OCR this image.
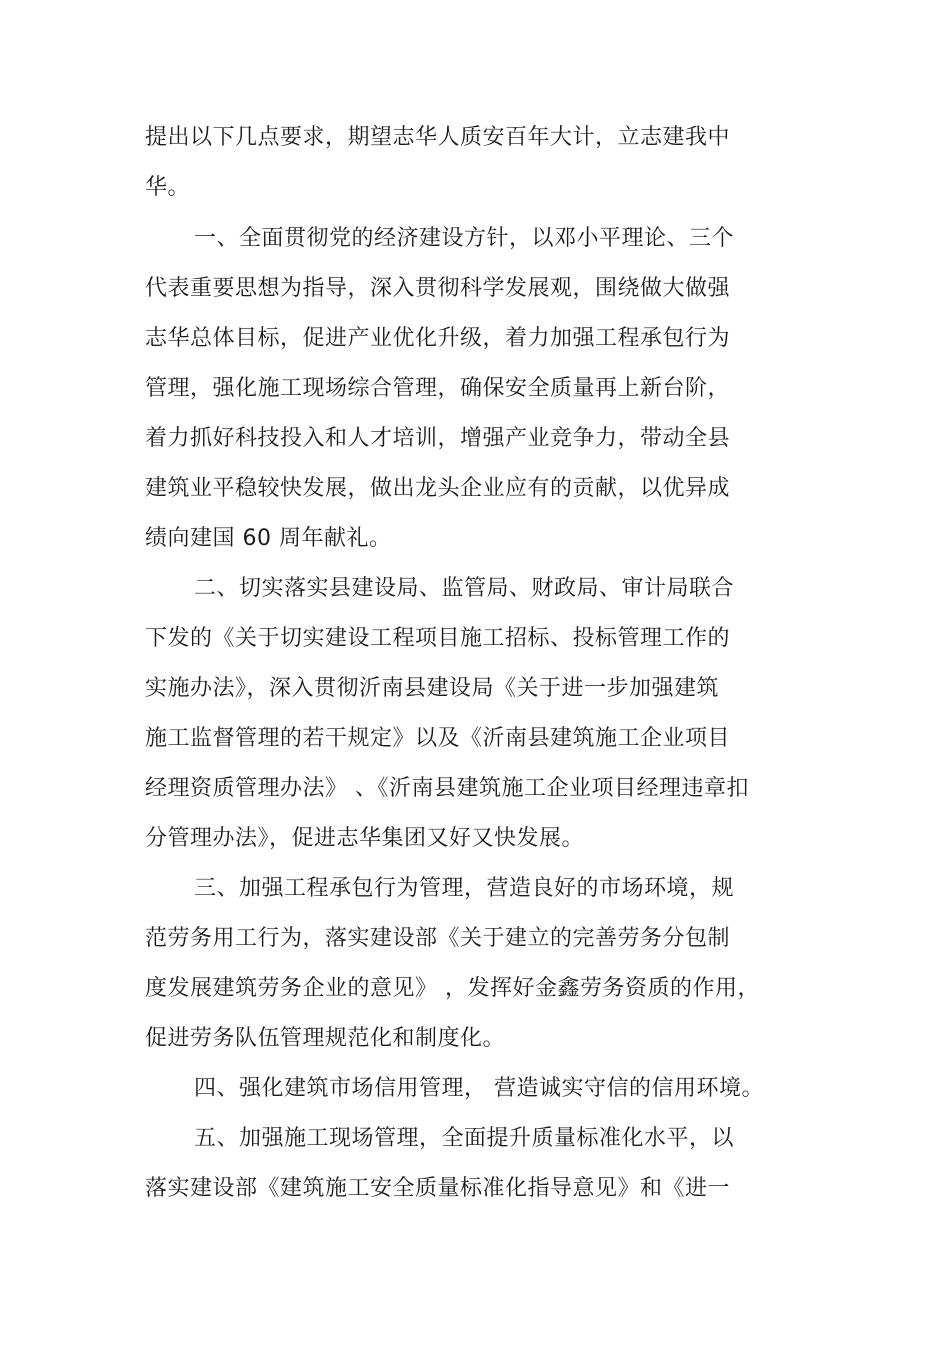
提出以下几点要求，期望志华人质安百年大计，立志建我中
华。
一、全面贯彻党的经济建设方针，以邓小平理论、三个
代表重要思想为指导，深入贯彻科学发展观，围绕做大做强
志华总体目标，促进产业优化升级，着力加强工程承包行为
管理，强化施工现场综合管理，确保安全质量再上新台阶，
着力抓好科技投入和人才培训，增强产业竞争力，带动全县
建筑业平稳较快发展，做出龙头企业应有的贡献，以优异成
绩向建国 60 周年献礼。
二、切实落实县建设局、监管局、财政局、审计局联合
下发的《关于切实建设工程项目施工招标、投标管理工作的
实施办法》，深入贯彻沂南县建设局《关于进一步加强建筑
施工监督管理的若干规定》以及《沂南县建筑施工企业项目
经理资质管理办法》 、《沂南县建筑施工企业项目经理违章扣
分管理办法》，促进志华集团又好又快发展。
三、加强工程承包行为管理，营造良好的市场环境，规
范劳务用工行为，落实建设部《关于建立的完善劳务分包制
度发展建筑劳务企业的意见》 ，发挥好金鑫劳务资质的作用，
促进劳务队伍管理规范化和制度化。
四、强化建筑市场信用管理， 营造诚实守信的信用环境。
五、加强施工现场管理，全面提升质量标准化水平，以
落实建设部《建筑施工安全质量标准化指导意见》和《进一
